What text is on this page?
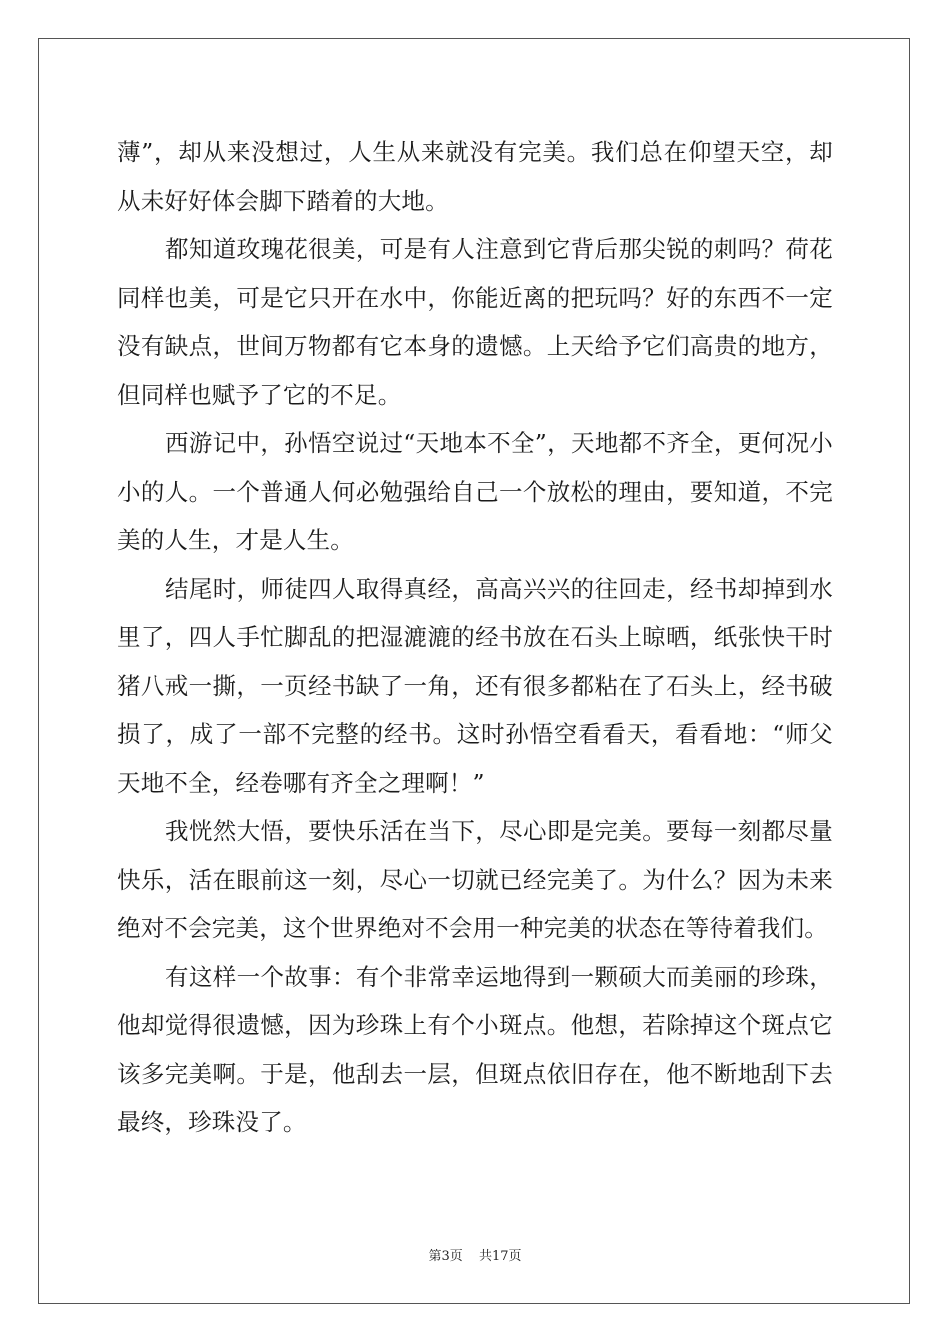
薄”，却从来没想过，人生从来就没有完美。我们总在仰望天空，却从未好好体会脚下踏着的大地。

都知道玫瑰花很美，可是有人注意到它背后那尖锐的刺吗？荷花同样也美，可是它只开在水中，你能近离的把玩吗？好的东西不一定没有缺点，世间万物都有它本身的遗憾。上天给予它们高贵的地方，但同样也赋予了它的不足。

西游记中，孙悟空说过“天地本不全”，天地都不齐全，更何况小小的人。一个普通人何必勉强给自己一个放松的理由，要知道，不完美的人生，才是人生。

结尾时，师徒四人取得真经，高高兴兴的往回走，经书却掉到水里了，四人手忙脚乱的把湿漉漉的经书放在石头上晾晒，纸张快干时猪八戒一撕，一页经书缺了一角，还有很多都粘在了石头上，经书破损了，成了一部不完整的经书。这时孙悟空看看天，看看地：“师父天地不全，经卷哪有齐全之理啊！”

我恍然大悟，要快乐活在当下，尽心即是完美。要每一刻都尽量快乐，活在眼前这一刻，尽心一切就已经完美了。为什么？因为未来绝对不会完美，这个世界绝对不会用一种完美的状态在等待着我们。

有这样一个故事：有个非常幸运地得到一颗硕大而美丽的珍珠，他却觉得很遗憾，因为珍珠上有个小斑点。他想，若除掉这个斑点它该多完美啊。于是，他刮去一层，但斑点依旧存在，他不断地刮下去最终，珍珠没了。

第3页 共17页
